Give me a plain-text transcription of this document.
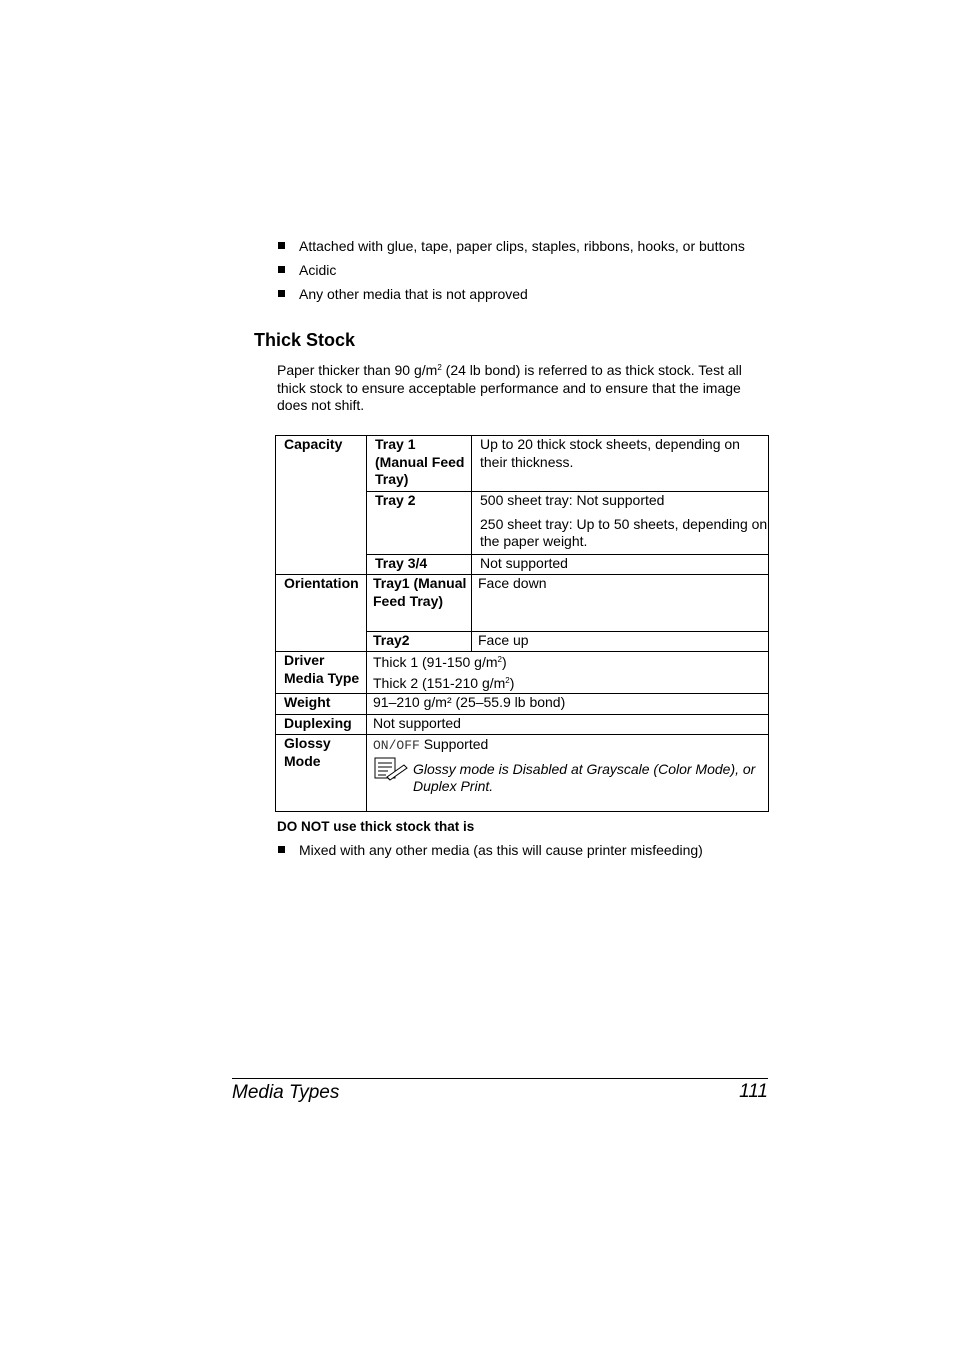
Attached with glue, tape, paper clips, staples, ribbons, hooks, or buttons
Acidic
Any other media that is not approved
Thick Stock

Paper thicker than 90 $g/m^2$ (24 lb bond) is referred to as thick stock. Test all thick stock to ensure acceptable performance and to ensure that the image does not shift.

Capacity	Tray 1 (Manual Feed Tray)	Up to 20 thick stock sheets, depending on their thickness.
	Tray 2	500 sheet tray: Not supported
250 sheet tray: Up to 50 sheets, depending on the paper weight.

	Tray 3/4	Not supported
Orientation	Tray1 (Manual Feed Tray)	Face down
	Tray2	Face up
Driver Media Type	Thick 1 (91-150 $g/m^2$)
Thick 2 (151-210 $g/m^2$)	

Weight	91–210 g/m² (25–55.9 lb bond)	
Duplexing	Not supported	
Glossy Mode	ON/OFF Supported
Glossy mode is Disabled at Grayscale (Color Mode), or Duplex Print.	

DO NOT use thick stock that is

Mixed with any other media (as this will cause printer misfeeding)
Media Types	111
